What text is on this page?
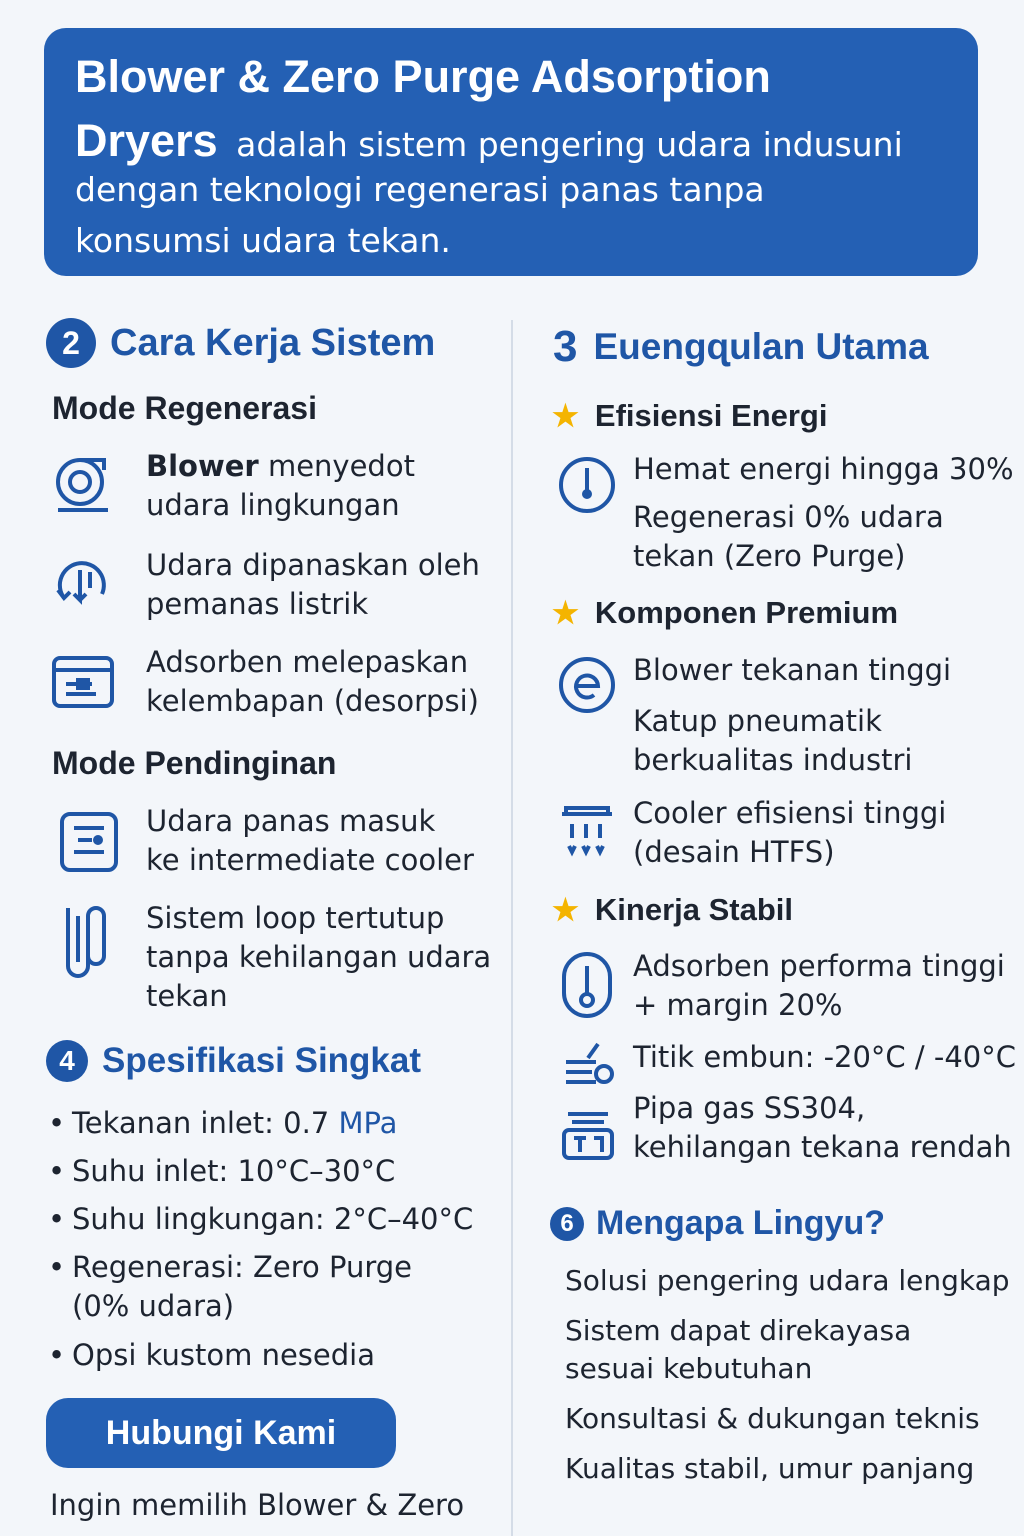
Blower & Zero Purge Adsorption
Dryers adalah sistem pengering udara indusuni
dengan teknologi regenerasi panas tanpa
konsumsi udara tekan.
2 Cara Kerja Sistem
Mode Regenerasi
Blower menyedot
udara lingkungan
Udara dipanaskan oleh
pemanas listrik
Adsorben melepaskan
kelembapan (desorpsi)
Mode Pendinginan
Udara panas masuk
ke intermediate cooler
Sistem loop tertutup
tanpa kehilangan udara
tekan
4 Spesifikasi Singkat
• Tekanan inlet: 0.7 MPa
• Suhu inlet: 10°C–30°C
• Suhu lingkungan: 2°C–40°C
• Regenerasi: Zero Purge
(0% udara)
• Opsi kustom nesedia
Hubungi Kami
Ingin memilih Blower & Zero
3 Euengɋulan Utama
★ Efisiensi Energi
Hemat energi hingga 30%
Regenerasi 0% udara
tekan (Zero Purge)
★ Komponen Premium
Blower tekanan tinggi
Katup pneumatik
berkualitas industri
Cooler efisiensi tinggi
(desain HTFS)
★ Kinerja Stabil
Adsorben performa tinggi
+ margin 20%
Titik embun: -20°C / -40°C
Pipa gas SS304,
kehilangan tekana rendah
6 Mengapa Lingyu?
Solusi pengering udara lengkap
Sistem dapat direkayasa
sesuai kebutuhan
Konsultasi & dukungan teknis
Kualitas stabil, umur panjang
